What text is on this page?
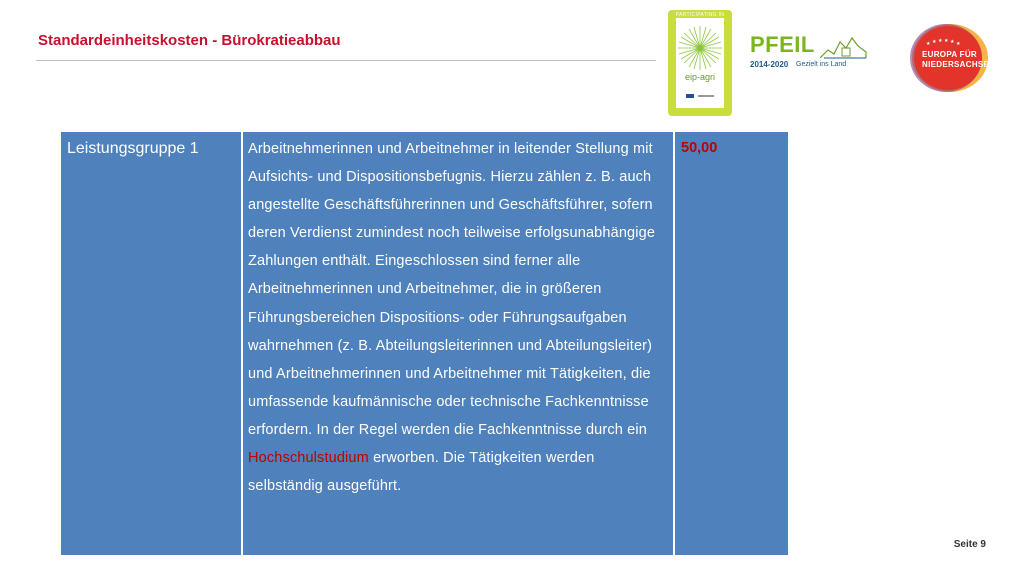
Standardeinheitskosten - Bürokratieabbau
PARTICIPATING IN
eip-agri
PFEIL
2014-2020 Gezielt ins Land
★ ★ ★ ★ ★ ★
EUROPA FÜR
NIEDERSACHSEN
Leistungsgruppe 1	Arbeitnehmerinnen und Arbeitnehmer in leitender Stellung mit Aufsichts- und Dispositionsbefugnis. Hierzu zählen z. B. auch angestellte Geschäftsführerinnen und Geschäftsführer, sofern deren Verdienst zumindest noch teilweise erfolgsunabhängige Zahlungen enthält. Eingeschlossen sind ferner alle Arbeitnehmerinnen und Arbeitnehmer, die in größeren Führungsbereichen Dispositions- oder Führungsaufgaben wahrnehmen (z. B. Abteilungsleiterinnen und Abteilungsleiter) und Arbeitnehmerinnen und Arbeitnehmer mit Tätigkeiten, die umfassende kaufmännische oder technische Fachkenntnisse erfordern. In der Regel werden die Fachkenntnisse durch ein Hochschulstudium erworben. Die Tätigkeiten werden selbständig ausgeführt.
50,00
Seite 9
